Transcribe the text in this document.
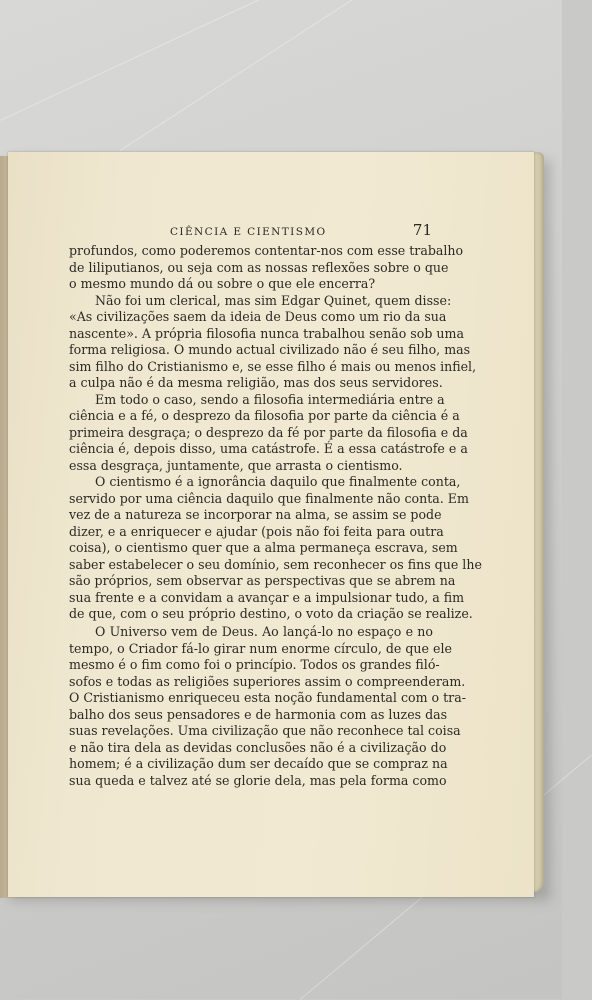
CIÊNCIA E CIENTISMO	71

profundos, como poderemos contentar-nos com esse trabalho
de liliputianos, ou seja com as nossas reflexões sobre o que
o mesmo mundo dá ou sobre o que ele encerra?

Não foi um clerical, mas sim Edgar Quinet, quem disse:
«As civilizações saem da ideia de Deus como um rio da sua
nascente». A própria filosofia nunca trabalhou senão sob uma
forma religiosa. O mundo actual civilizado não é seu filho, mas
sim filho do Cristianismo e, se esse filho é mais ou menos infiel,
a culpa não é da mesma religião, mas dos seus servidores.

Em todo o caso, sendo a filosofia intermediária entre a
ciência e a fé, o desprezo da filosofia por parte da ciência é a
primeira desgraça; o desprezo da fé por parte da filosofia e da
ciência é, depois disso, uma catástrofe. É a essa catástrofe e a
essa desgraça, juntamente, que arrasta o cientismo.

O cientismo é a ignorância daquilo que finalmente conta,
servido por uma ciência daquilo que finalmente não conta. Em
vez de a natureza se incorporar na alma, se assim se pode
dizer, e a enriquecer e ajudar (pois não foi feita para outra
coisa), o cientismo quer que a alma permaneça escrava, sem
saber estabelecer o seu domínio, sem reconhecer os fins que lhe
são próprios, sem observar as perspectivas que se abrem na
sua frente e a convidam a avançar e a impulsionar tudo, a fim
de que, com o seu próprio destino, o voto da criação se realize.

O Universo vem de Deus. Ao lançá-lo no espaço e no
tempo, o Criador fá-lo girar num enorme círculo, de que ele
mesmo é o fim como foi o princípio. Todos os grandes filó-
sofos e todas as religiões superiores assim o compreenderam.
O Cristianismo enriqueceu esta noção fundamental com o tra-
balho dos seus pensadores e de harmonia com as luzes das
suas revelações. Uma civilização que não reconhece tal coisa
e não tira dela as devidas conclusões não é a civilização do
homem; é a civilização dum ser decaído que se compraz na
sua queda e talvez até se glorie dela, mas pela forma como
